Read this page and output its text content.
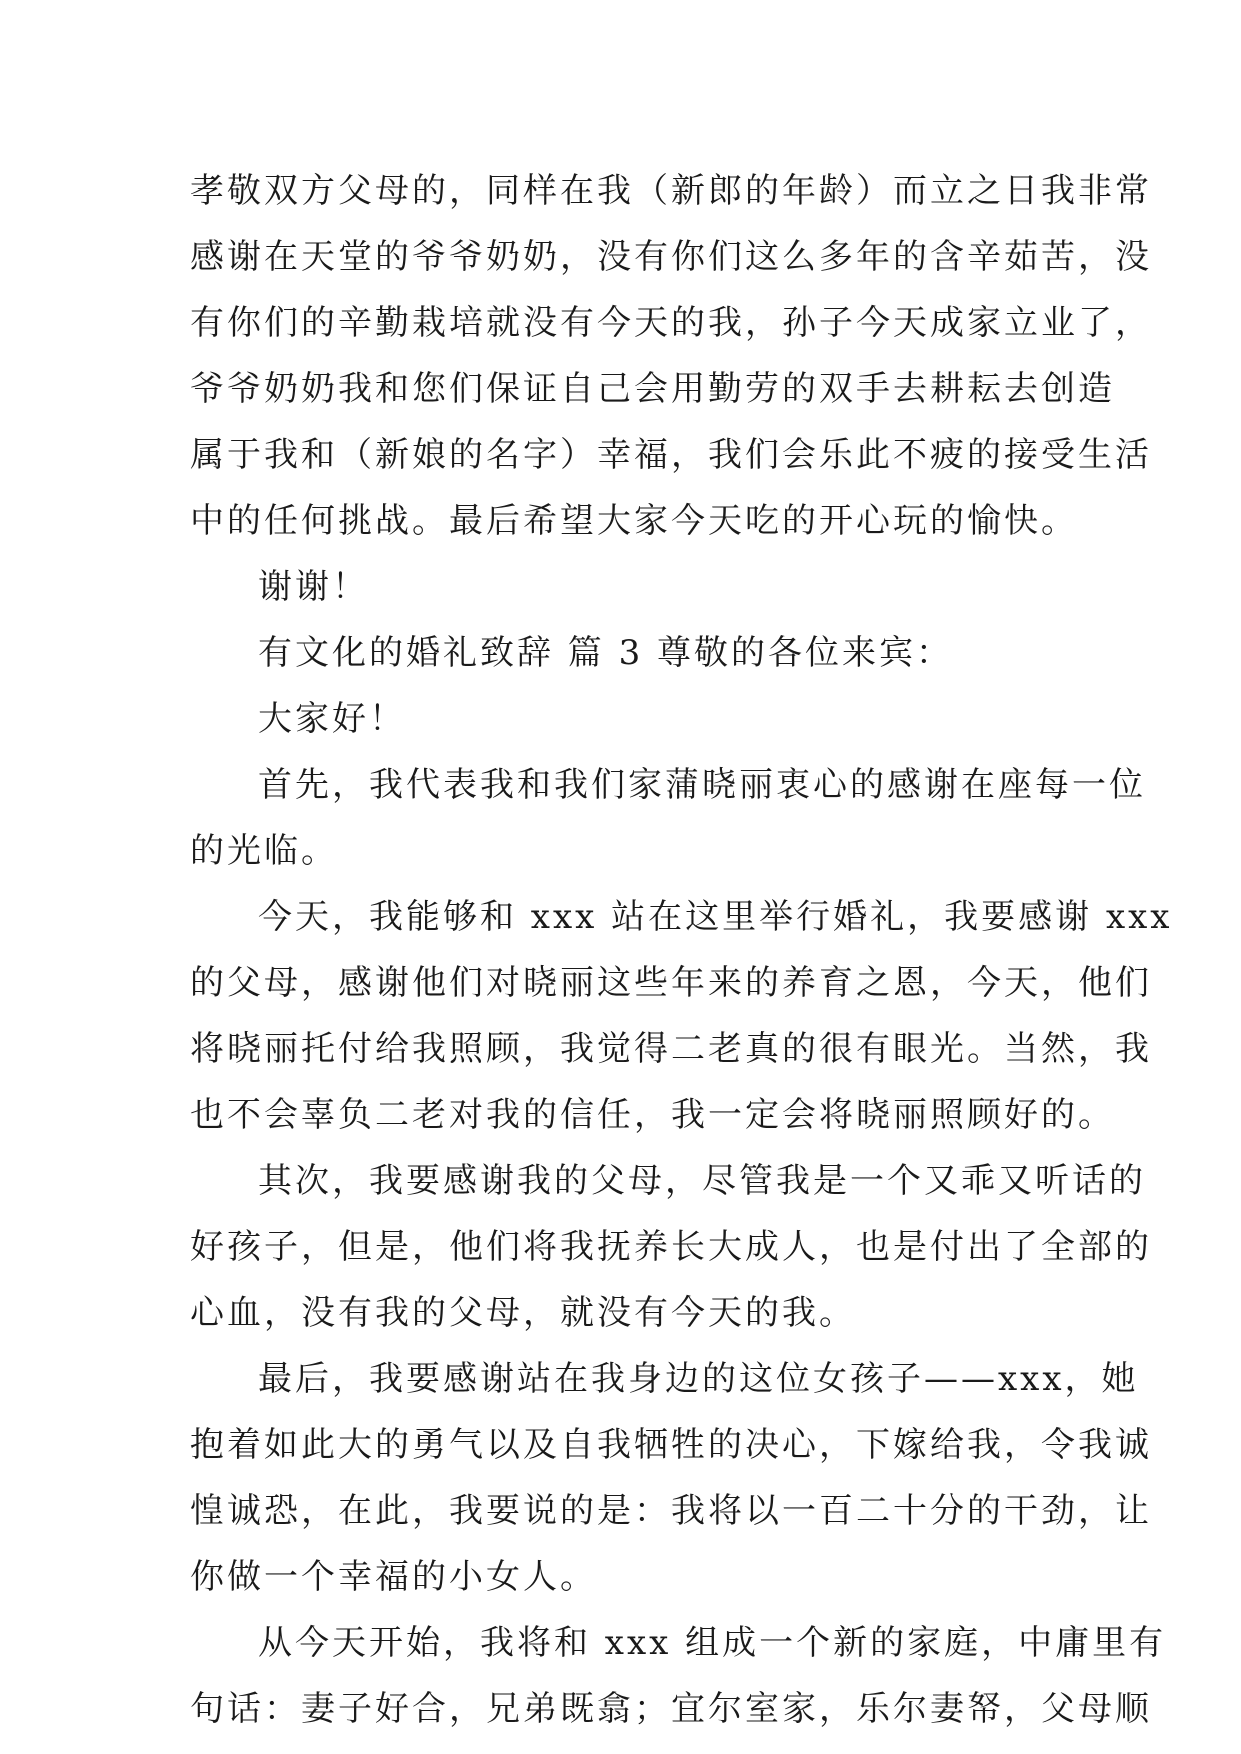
孝敬双方父母的，同样在我（新郎的年龄）而立之日我非常
感谢在天堂的爷爷奶奶，没有你们这么多年的含辛茹苦，没
有你们的辛勤栽培就没有今天的我，孙子今天成家立业了，
爷爷奶奶我和您们保证自己会用勤劳的双手去耕耘去创造
属于我和（新娘的名字）幸福，我们会乐此不疲的接受生活
中的任何挑战。最后希望大家今天吃的开心玩的愉快。
谢谢！
有文化的婚礼致辞 篇 3 尊敬的各位来宾：
大家好！
首先，我代表我和我们家蒲晓丽衷心的感谢在座每一位
的光临。
今天，我能够和 xxx 站在这里举行婚礼，我要感谢 xxx
的父母，感谢他们对晓丽这些年来的养育之恩，今天，他们
将晓丽托付给我照顾，我觉得二老真的很有眼光。当然，我
也不会辜负二老对我的信任，我一定会将晓丽照顾好的。
其次，我要感谢我的父母，尽管我是一个又乖又听话的
好孩子，但是，他们将我抚养长大成人，也是付出了全部的
心血，没有我的父母，就没有今天的我。
最后，我要感谢站在我身边的这位女孩子——xxx，她
抱着如此大的勇气以及自我牺牲的决心，下嫁给我，令我诚
惶诚恐，在此，我要说的是：我将以一百二十分的干劲，让
你做一个幸福的小女人。
从今天开始，我将和 xxx 组成一个新的家庭，中庸里有
句话：妻子好合，兄弟既翕；宜尔室家，乐尔妻帑，父母顺
